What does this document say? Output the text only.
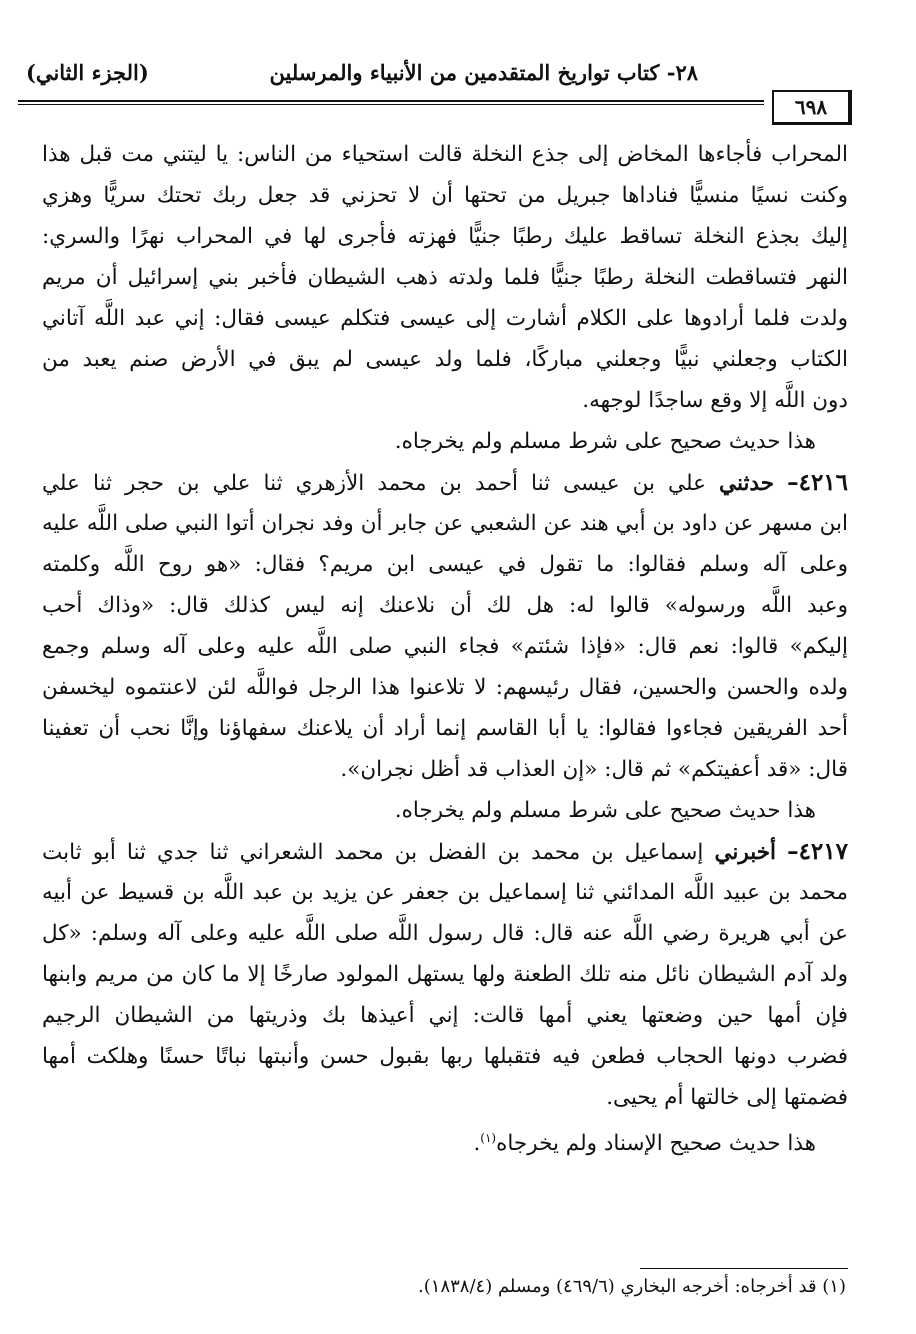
٢٨- كتاب تواريخ المتقدمين من الأنبياء والمرسلين
(الجزء الثاني)
٦٩٨
المحراب فأجاءها المخاض إلى جذع النخلة قالت استحياء من الناس: يا ليتني مت قبل هذا
وكنت نسيًا منسيًّا فناداها جبريل من تحتها أن لا تحزني قد جعل ربك تحتك سريًّا وهزي
إليك بجذع النخلة تساقط عليك رطبًا جنيًّا فهزته فأجرى لها في المحراب نهرًا والسري:
النهر فتساقطت النخلة رطبًا جنيًّا فلما ولدته ذهب الشيطان فأخبر بني إسرائيل أن مريم
ولدت فلما أرادوها على الكلام أشارت إلى عيسى فتكلم عيسى فقال: إني عبد اللَّه آتاني
الكتاب وجعلني نبيًّا وجعلني مباركًا، فلما ولد عيسى لم يبق في الأرض صنم يعبد من
دون اللَّه إلا وقع ساجدًا لوجهه.
هذا حديث صحيح على شرط مسلم ولم يخرجاه.
٤٢١٦– حدثني علي بن عيسى ثنا أحمد بن محمد الأزهري ثنا علي بن حجر ثنا علي
ابن مسهر عن داود بن أبي هند عن الشعبي عن جابر أن وفد نجران أتوا النبي صلى اللَّه عليه
وعلى آله وسلم فقالوا: ما تقول في عيسى ابن مريم؟ فقال: «هو روح اللَّه وكلمته
وعبد اللَّه ورسوله» قالوا له: هل لك أن نلاعنك إنه ليس كذلك قال: «وذاك أحب
إليكم» قالوا: نعم قال: «فإذا شئتم» فجاء النبي صلى اللَّه عليه وعلى آله وسلم وجمع
ولده والحسن والحسين، فقال رئيسهم: لا تلاعنوا هذا الرجل فواللَّه لئن لاعنتموه ليخسفن
أحد الفريقين فجاءوا فقالوا: يا أبا القاسم إنما أراد أن يلاعنك سفهاؤنا وإنَّا نحب أن تعفينا
قال: «قد أعفيتكم» ثم قال: «إن العذاب قد أظل نجران».
هذا حديث صحيح على شرط مسلم ولم يخرجاه.
٤٢١٧– أخبرني إسماعيل بن محمد بن الفضل بن محمد الشعراني ثنا جدي ثنا أبو ثابت
محمد بن عبيد اللَّه المدائني ثنا إسماعيل بن جعفر عن يزيد بن عبد اللَّه بن قسيط عن أبيه
عن أبي هريرة رضي اللَّه عنه قال: قال رسول اللَّه صلى اللَّه عليه وعلى آله وسلم: «كل
ولد آدم الشيطان نائل منه تلك الطعنة ولها يستهل المولود صارخًا إلا ما كان من مريم وابنها
فإن أمها حين وضعتها يعني أمها قالت: إني أعيذها بك وذريتها من الشيطان الرجيم
فضرب دونها الحجاب فطعن فيه فتقبلها ربها بقبول حسن وأنبتها نباتًا حسنًا وهلكت أمها
فضمتها إلى خالتها أم يحيى.
هذا حديث صحيح الإسناد ولم يخرجاه$^{(١)}$.
(١) قد أخرجاه: أخرجه البخاري (٤٦٩/٦) ومسلم (١٨٣٨/٤).
